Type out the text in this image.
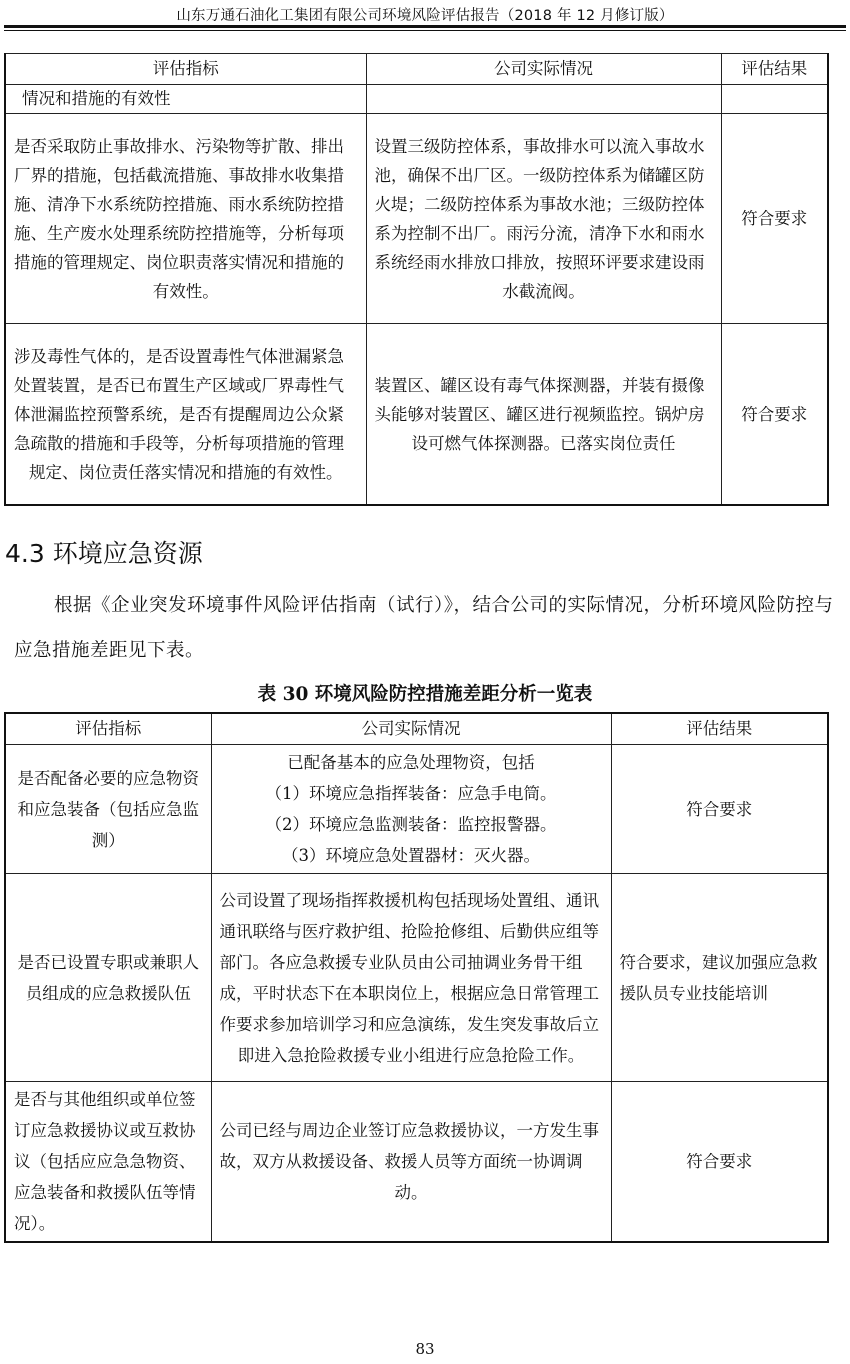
山东万通石油化工集团有限公司环境风险评估报告（2018 年 12 月修订版）
评估指标	公司实际情况	评估结果
情况和措施的有效性		
是否采取防止事故排水、污染物等扩散、排出厂界的措施，包括截流措施、事故排水收集措施、清净下水系统防控措施、雨水系统防控措施、生产废水处理系统防控措施等，分析每项措施的管理规定、岗位职责落实情况和措施的有效性。	设置三级防控体系，事故排水可以流入事故水池，确保不出厂区。一级防控体系为储罐区防火堤；二级防控体系为事故水池；三级防控体系为控制不出厂。雨污分流，清净下水和雨水系统经雨水排放口排放，按照环评要求建设雨水截流阀。	符合要求
涉及毒性气体的，是否设置毒性气体泄漏紧急处置装置，是否已布置生产区域或厂界毒性气体泄漏监控预警系统，是否有提醒周边公众紧急疏散的措施和手段等，分析每项措施的管理规定、岗位责任落实情况和措施的有效性。	装置区、罐区设有毒气体探测器，并装有摄像头能够对装置区、罐区进行视频监控。锅炉房设可燃气体探测器。已落实岗位责任	符合要求
4.3 环境应急资源
根据《企业突发环境事件风险评估指南（试行）》，结合公司的实际情况，分析环境风险防控与应急措施差距见下表。
表 30 环境风险防控措施差距分析一览表
评估指标	公司实际情况	评估结果
是否配备必要的应急物资和应急装备（包括应急监测）	已配备基本的应急处理物资，包括
（1）环境应急指挥装备：应急手电筒。
（2）环境应急监测装备：监控报警器。
（3）环境应急处置器材：灭火器。	符合要求
是否已设置专职或兼职人员组成的应急救援队伍	公司设置了现场指挥救援机构包括现场处置组、通讯通讯联络与医疗救护组、抢险抢修组、后勤供应组等部门。各应急救援专业队员由公司抽调业务骨干组成，平时状态下在本职岗位上，根据应急日常管理工作要求参加培训学习和应急演练，发生突发事故后立即进入急抢险救援专业小组进行应急抢险工作。	符合要求，建议加强应急救援队员专业技能培训
是否与其他组织或单位签订应急救援协议或互救协议（包括应应急急物资、应急装备和救援队伍等情况）。	公司已经与周边企业签订应急救援协议，一方发生事故，双方从救援设备、救援人员等方面统一协调调动。	符合要求
83
